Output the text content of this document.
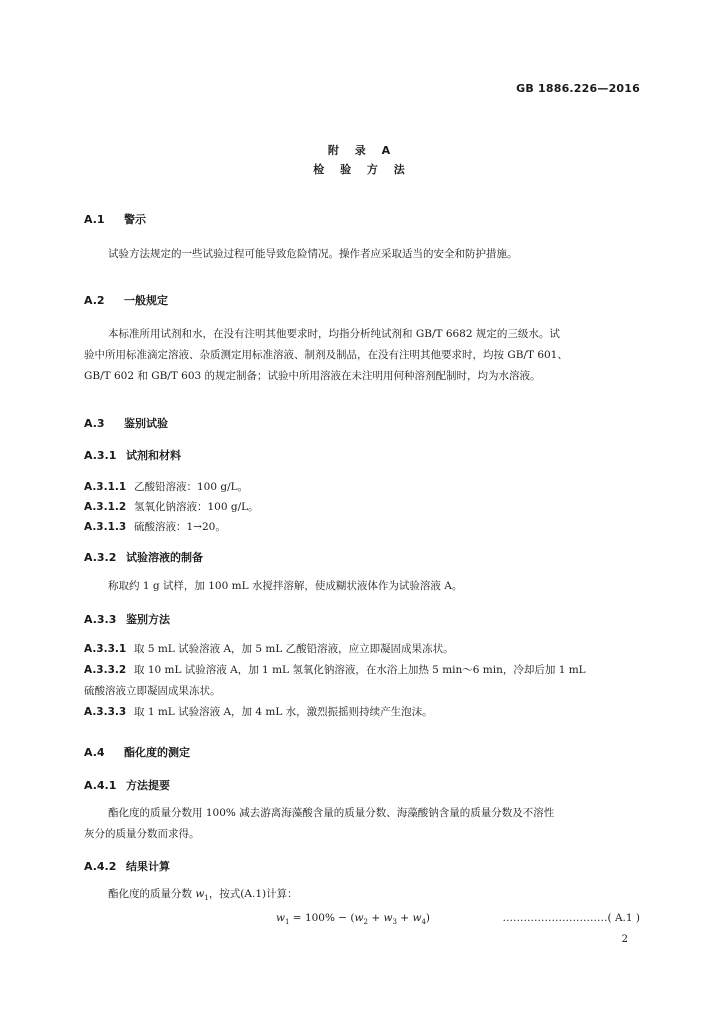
GB 1886.226—2016
附 录 A
检 验 方 法
A.1 警示
试验方法规定的一些试验过程可能导致危险情况。操作者应采取适当的安全和防护措施。
A.2 一般规定
本标准所用试剂和水，在没有注明其他要求时，均指分析纯试剂和 GB/T 6682 规定的三级水。试
验中所用标准滴定溶液、杂质测定用标准溶液、制剂及制品，在没有注明其他要求时，均按 GB/T 601、
GB/T 602 和 GB/T 603 的规定制备；试验中所用溶液在未注明用何种溶剂配制时，均为水溶液。
A.3 鉴别试验
A.3.1 试剂和材料
A.3.1.1 乙酸铅溶液：100 g/L。
A.3.1.2 氢氧化钠溶液：100 g/L。
A.3.1.3 硫酸溶液：1→20。
A.3.2 试验溶液的制备
称取约 1 g 试样，加 100 mL 水搅拌溶解，使成糊状液体作为试验溶液 A。
A.3.3 鉴别方法
A.3.3.1 取 5 mL 试验溶液 A，加 5 mL 乙酸铅溶液，应立即凝固成果冻状。
A.3.3.2 取 10 mL 试验溶液 A，加 1 mL 氢氧化钠溶液，在水浴上加热 5 min～6 min，冷却后加 1 mL
硫酸溶液立即凝固成果冻状。
A.3.3.3 取 1 mL 试验溶液 A，加 4 mL 水，激烈振摇则持续产生泡沫。
A.4 酯化度的测定
A.4.1 方法提要
酯化度的质量分数用 100% 减去游离海藻酸含量的质量分数、海藻酸钠含量的质量分数及不溶性
灰分的质量分数而求得。
A.4.2 结果计算
酯化度的质量分数 $w_1$，按式(A.1)计算：
$w_1 = 100\% - (w_2 + w_3 + w_4)$	…………………………( A.1 )
2
